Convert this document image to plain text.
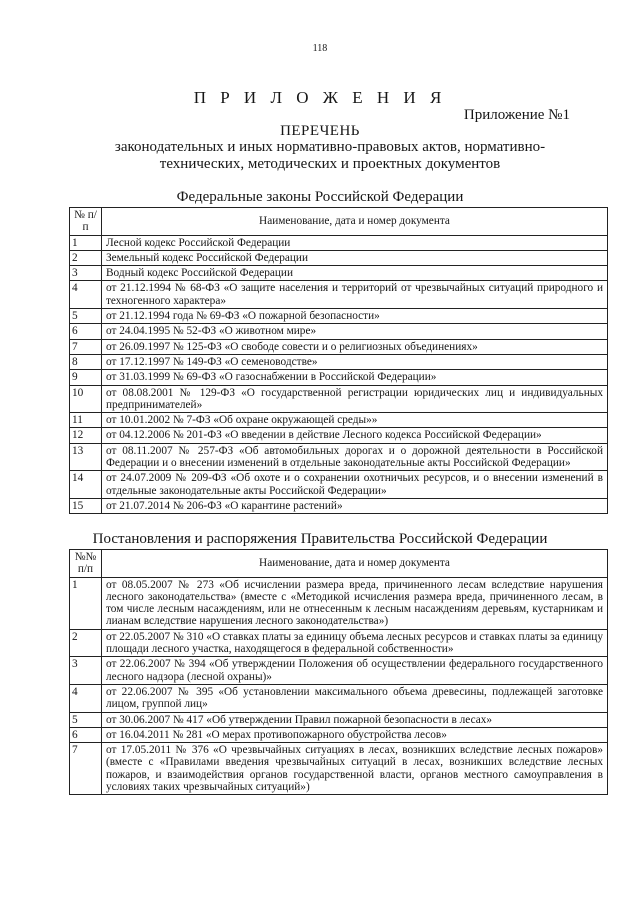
118
П Р И Л О Ж Е Н И Я
Приложение №1
ПЕРЕЧЕНЬ
законодательных и иных нормативно-правовых актов, нормативно-технических, методических и проектных документов
Федеральные законы Российской Федерации
№ п/п	Наименование, дата и номер документа
1	Лесной кодекс Российской Федерации
2	Земельный кодекс Российской Федерации
3	Водный кодекс Российской Федерации
4	от 21.12.1994 № 68-ФЗ «О защите населения и территорий от чрезвычайных ситуаций природного и техногенного характера»
5	от 21.12.1994 года № 69-ФЗ «О пожарной безопасности»
6	от 24.04.1995 № 52-ФЗ «О животном мире»
7	от 26.09.1997 № 125-ФЗ «О свободе совести и о религиозных объединениях»
8	от 17.12.1997 № 149-ФЗ «О семеноводстве»
9	от 31.03.1999 № 69-ФЗ «О газоснабжении в Российской Федерации»
10	от 08.08.2001 № 129-ФЗ «О государственной регистрации юридических лиц и индивидуальных предпринимателей»
11	от 10.01.2002 № 7-ФЗ «Об охране окружающей среды»»
12	от 04.12.2006 № 201-ФЗ «О введении в действие Лесного кодекса Российской Федерации»
13	от 08.11.2007 № 257-ФЗ «Об автомобильных дорогах и о дорожной деятельности в Российской Федерации и о внесении изменений в отдельные законодательные акты Российской Федерации»
14	от 24.07.2009 № 209-ФЗ «Об охоте и о сохранении охотничьих ресурсов, и о внесении изменений в отдельные законодательные акты Российской Федерации»
15	от 21.07.2014 № 206-ФЗ «О карантине растений»
Постановления и распоряжения Правительства Российской Федерации
№№ п/п	Наименование, дата и номер документа
1	от 08.05.2007 № 273 «Об исчислении размера вреда, причиненного лесам вследствие нарушения лесного законодательства» (вместе с «Методикой исчисления размера вреда, причиненного лесам, в том числе лесным насаждениям, или не отнесенным к лесным насаждениям деревьям, кустарникам и лианам вследствие нарушения лесного законодательства»)
2	от 22.05.2007 № 310 «О ставках платы за единицу объема лесных ресурсов и ставках платы за единицу площади лесного участка, находящегося в федеральной собственности»
3	от 22.06.2007 № 394 «Об утверждении Положения об осуществлении федерального государственного лесного надзора (лесной охраны)»
4	от 22.06.2007 № 395 «Об установлении максимального объема древесины, подлежащей заготовке лицом, группой лиц»
5	от 30.06.2007 № 417 «Об утверждении Правил пожарной безопасности в лесах»
6	от 16.04.2011 № 281 «О мерах противопожарного обустройства лесов»
7	от 17.05.2011 № 376 «О чрезвычайных ситуациях в лесах, возникших вследствие лесных пожаров» (вместе с «Правилами введения чрезвычайных ситуаций в лесах, возникших вследствие лесных пожаров, и взаимодействия органов государственной власти, органов местного самоуправления в условиях таких чрезвычайных ситуаций»)
